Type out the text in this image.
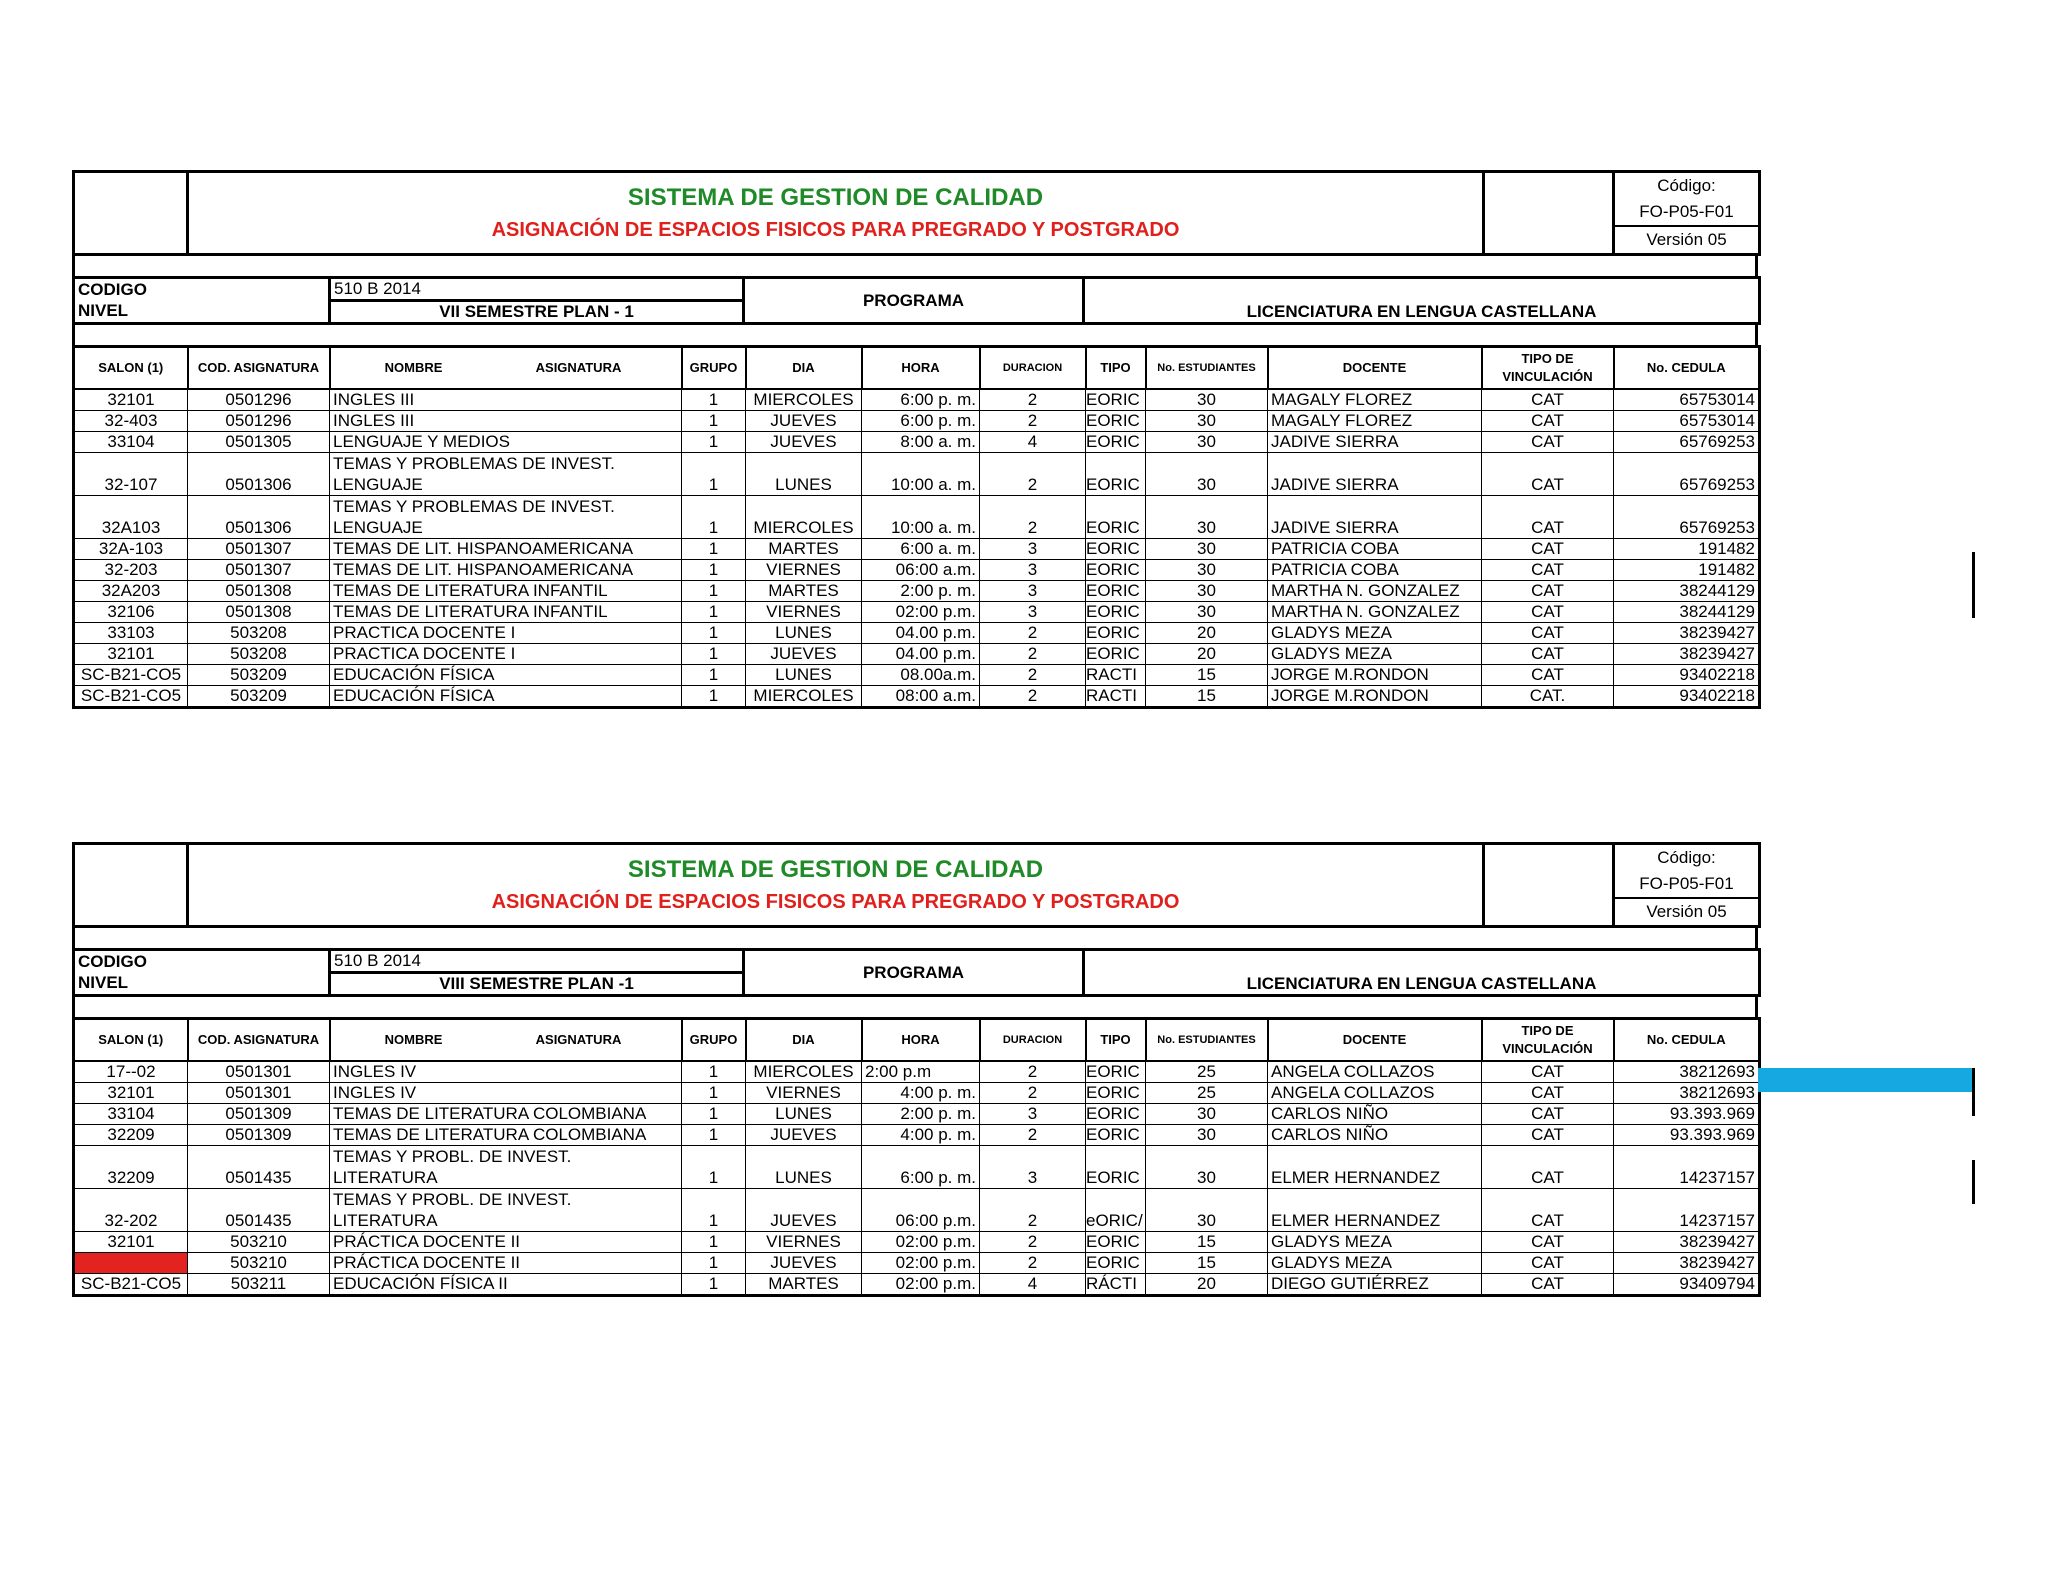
SISTEMA DE GESTION DE CALIDAD
ASIGNACIÓN DE ESPACIOS FISICOS PARA PREGRADO Y POSTGRADO

Código:
FO-P05-F01
Versión 05
CODIGO	510 B 2014	PROGRAMA	LICENCIATURA EN LENGUA CASTELLANA
NIVEL	VII SEMESTRE PLAN - 1		
SALON (1)	COD. ASIGNATURA	NOMBRE ASIGNATURA	GRUPO	DIA	HORA	DURACION	TIPO	No. ESTUDIANTES	DOCENTE	TIPO DE VINCULACIÓN	No. CEDULA
32101	0501296	INGLES III	1	MIERCOLES	6:00 p. m.	2	EORIC	30	MAGALY FLOREZ	CAT	65753014
32-403	0501296	INGLES III	1	JUEVES	6:00 p. m.	2	EORIC	30	MAGALY FLOREZ	CAT	65753014
33104	0501305	LENGUAJE Y MEDIOS	1	JUEVES	8:00 a. m.	4	EORIC	30	JADIVE SIERRA	CAT	65769253
32-107	0501306	TEMAS Y PROBLEMAS DE INVEST.
LENGUAJE	1	LUNES	10:00 a. m.	2	EORIC	30	JADIVE SIERRA	CAT	65769253
32A103	0501306	TEMAS Y PROBLEMAS DE INVEST.
LENGUAJE	1	MIERCOLES	10:00 a. m.	2	EORIC	30	JADIVE SIERRA	CAT	65769253
32A-103	0501307	TEMAS DE LIT. HISPANOAMERICANA	1	MARTES	6:00 a. m.	3	EORIC	30	PATRICIA COBA	CAT	191482
32-203	0501307	TEMAS DE LIT. HISPANOAMERICANA	1	VIERNES	06:00 a.m.	3	EORIC	30	PATRICIA COBA	CAT	191482
32A203	0501308	TEMAS DE LITERATURA INFANTIL	1	MARTES	2:00 p. m.	3	EORIC	30	MARTHA N. GONZALEZ	CAT	38244129
32106	0501308	TEMAS DE LITERATURA INFANTIL	1	VIERNES	02:00 p.m.	3	EORIC	30	MARTHA N. GONZALEZ	CAT	38244129
33103	503208	PRACTICA DOCENTE I	1	LUNES	04.00 p.m.	2	EORIC	20	GLADYS MEZA	CAT	38239427
32101	503208	PRACTICA DOCENTE I	1	JUEVES	04.00 p.m.	2	EORIC	20	GLADYS MEZA	CAT	38239427
SC-B21-CO5	503209	EDUCACIÓN FÍSICA	1	LUNES	08.00a.m.	2	RACTI	15	JORGE M.RONDON	CAT	93402218
SC-B21-CO5	503209	EDUCACIÓN FÍSICA	1	MIERCOLES	08:00 a.m.	2	RACTI	15	JORGE M.RONDON	CAT.	93402218

SISTEMA DE GESTION DE CALIDAD
ASIGNACIÓN DE ESPACIOS FISICOS PARA PREGRADO Y POSTGRADO

Código:
FO-P05-F01
Versión 05
CODIGO	510 B 2014	PROGRAMA	LICENCIATURA EN LENGUA CASTELLANA
NIVEL	VIII SEMESTRE PLAN -1		
SALON (1)	COD. ASIGNATURA	NOMBRE ASIGNATURA	GRUPO	DIA	HORA	DURACION	TIPO	No. ESTUDIANTES	DOCENTE	TIPO DE VINCULACIÓN	No. CEDULA
17--02	0501301	INGLES IV	1	MIERCOLES	2:00 p.m	2	EORIC	25	ANGELA COLLAZOS	CAT	38212693
32101	0501301	INGLES IV	1	VIERNES	4:00 p. m.	2	EORIC	25	ANGELA COLLAZOS	CAT	38212693
33104	0501309	TEMAS DE LITERATURA COLOMBIANA	1	LUNES	2:00 p. m.	3	EORIC	30	CARLOS NIÑO	CAT	93.393.969
32209	0501309	TEMAS DE LITERATURA COLOMBIANA	1	JUEVES	4:00 p. m.	2	EORIC	30	CARLOS NIÑO	CAT	93.393.969
32209	0501435	TEMAS Y PROBL. DE INVEST.
LITERATURA	1	LUNES	6:00 p. m.	3	EORIC	30	ELMER HERNANDEZ	CAT	14237157
32-202	0501435	TEMAS Y PROBL. DE INVEST.
LITERATURA	1	JUEVES	06:00 p.m.	2	eORIC/	30	ELMER HERNANDEZ	CAT	14237157
32101	503210	PRÁCTICA DOCENTE II	1	VIERNES	02:00 p.m.	2	EORIC	15	GLADYS MEZA	CAT	38239427
	503210	PRÁCTICA DOCENTE II	1	JUEVES	02:00 p.m.	2	EORIC	15	GLADYS MEZA	CAT	38239427
SC-B21-CO5	503211	EDUCACIÓN FÍSICA II	1	MARTES	02:00 p.m.	4	RÁCTI	20	DIEGO GUTIÉRREZ	CAT	93409794
